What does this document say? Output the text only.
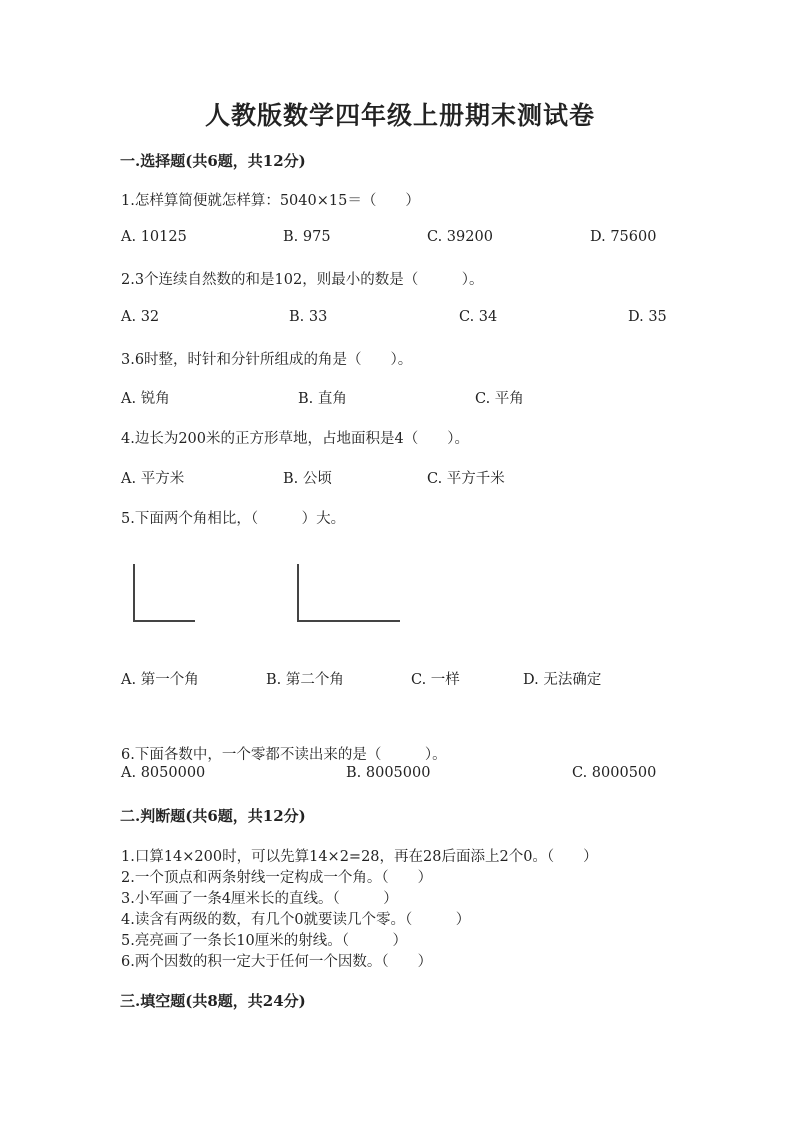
人教版数学四年级上册期末测试卷
一.选择题(共6题，共12分)
1.怎样算简便就怎样算：5040×15＝（　　）
A. 10125	B. 975	C. 39200	D. 75600
2.3个连续自然数的和是102，则最小的数是（　　　）。
A. 32	B. 33	C. 34	D. 35
3.6时整，时针和分针所组成的角是（　　）。
A. 锐角	B. 直角	C. 平角
4.边长为200米的正方形草地，占地面积是4（　　）。
A. 平方米	B. 公顷	C. 平方千米
5.下面两个角相比，（　　　）大。
A. 第一个角	B. 第二个角	C. 一样	D. 无法确定
6.下面各数中，一个零都不读出来的是（　　　）。
A. 8050000	B. 8005000	C. 8000500
二.判断题(共6题，共12分)
1.口算14×200时，可以先算14×2=28，再在28后面添上2个0。（　　）
2.一个顶点和两条射线一定构成一个角。（　　）
3.小军画了一条4厘米长的直线。（　　　）
4.读含有两级的数，有几个0就要读几个零。（　　　）
5.亮亮画了一条长10厘米的射线。（　　　）
6.两个因数的积一定大于任何一个因数。（　　）
三.填空题(共8题，共24分)
